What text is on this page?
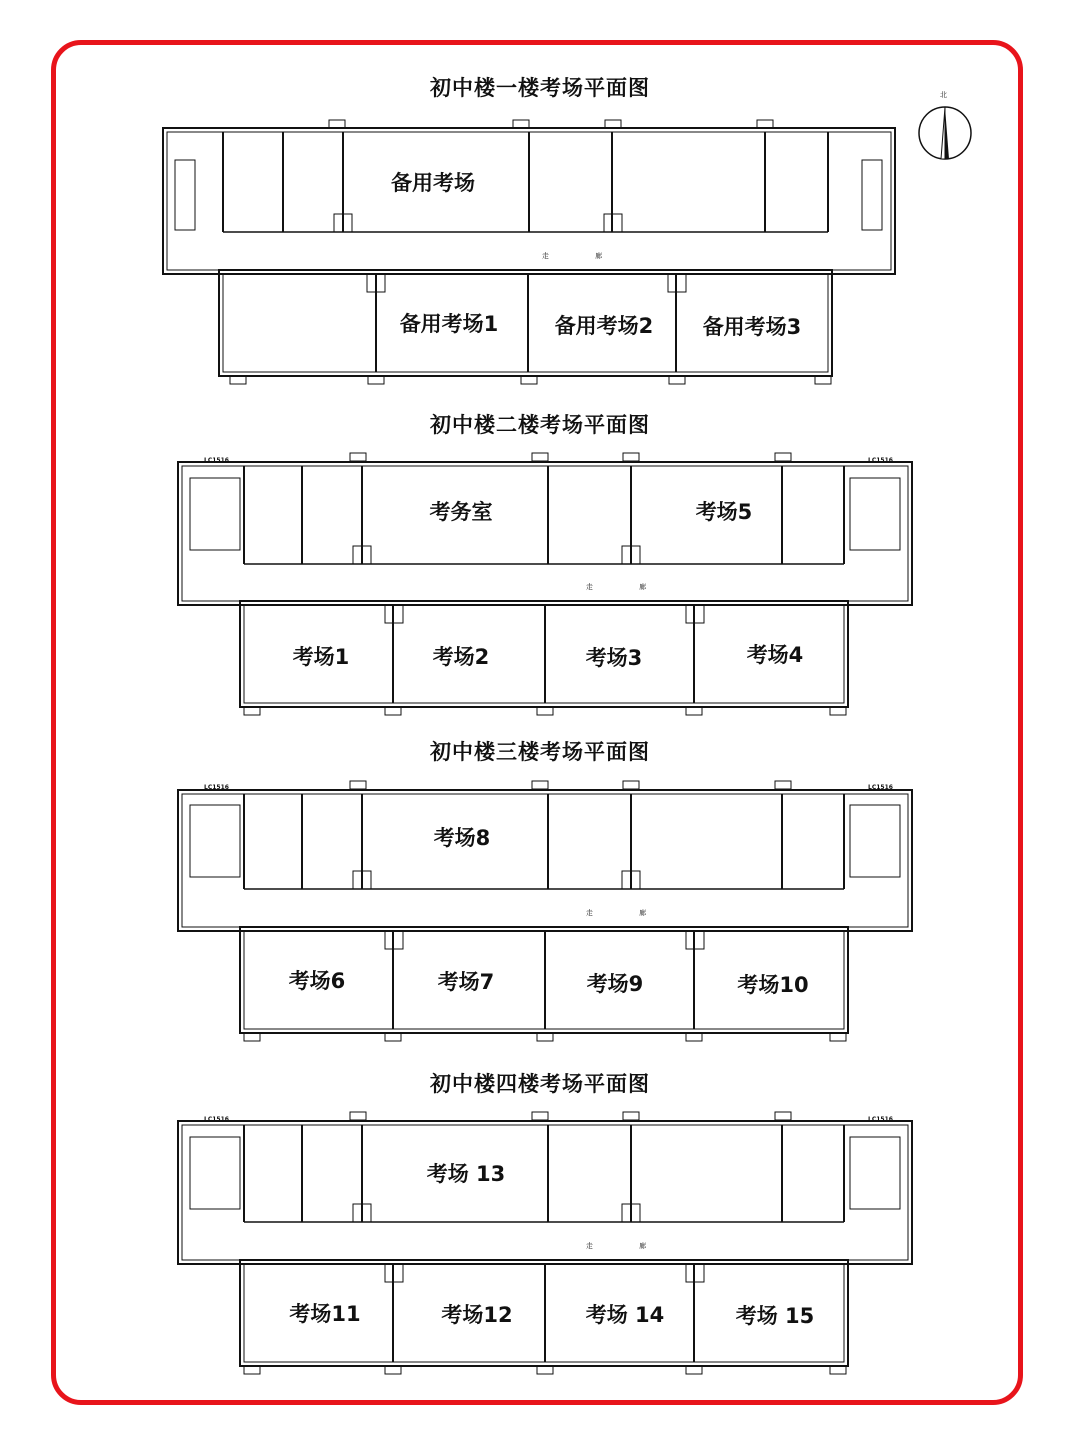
北
初中楼一楼考场平面图
备用考场
备用考场1	备用考场2 备用考场3
走 廊
初中楼二楼考场平面图
LC1516	LC1516
考务室	考场5
考场1	考场2	考场3	考场4
走 廊
初中楼三楼考场平面图
LC1516	LC1516
考场8
考场6	考场7	考场9	考场10
走 廊
初中楼四楼考场平面图
LC1516	LC1516
考场 13
考场11	考场12	考场 14	考场 15
走 廊
